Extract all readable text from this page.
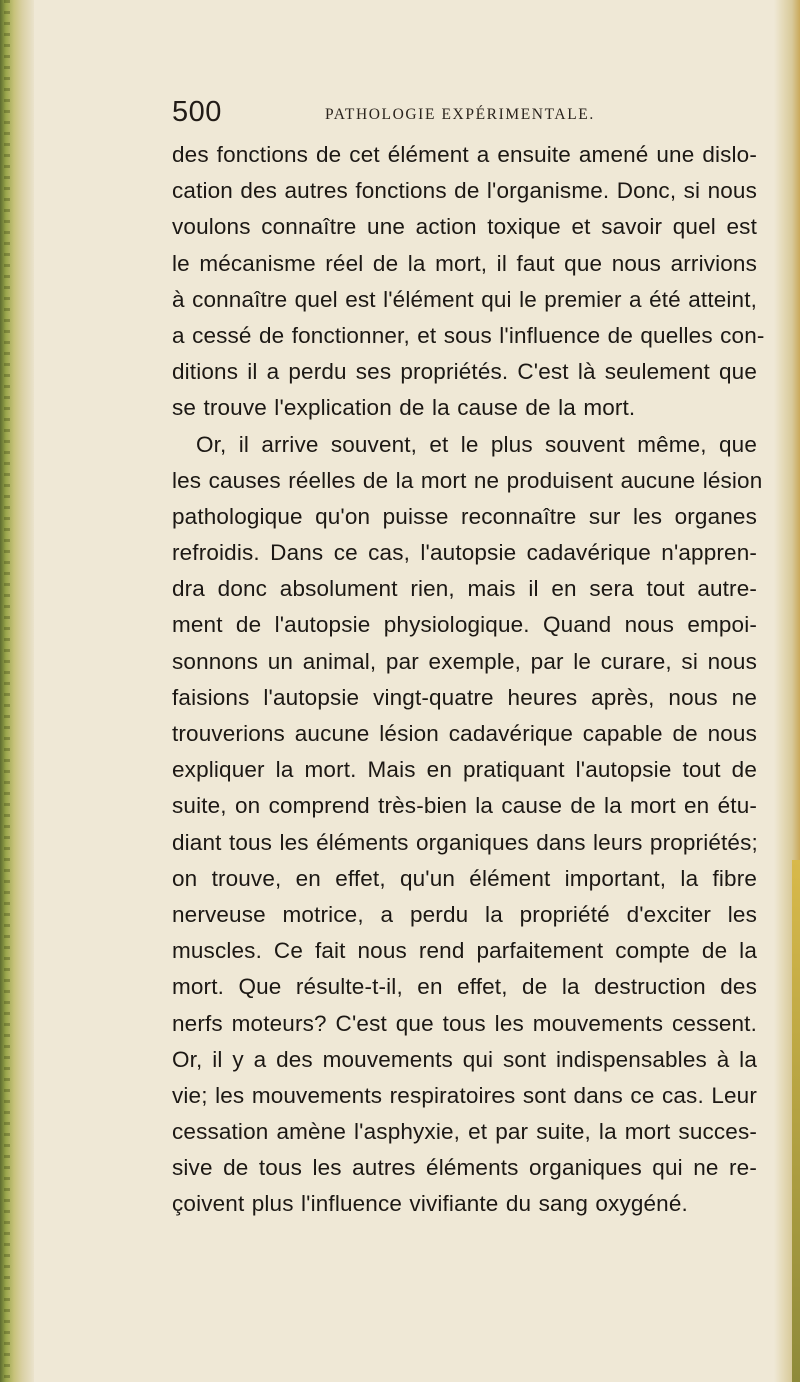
500	PATHOLOGIE EXPÉRIMENTALE.
des fonctions de cet élément a ensuite amené une dislo-
cation des autres fonctions de l'organisme. Donc, si nous
voulons connaître une action toxique et savoir quel est
le mécanisme réel de la mort, il faut que nous arrivions
à connaître quel est l'élément qui le premier a été atteint,
a cessé de fonctionner, et sous l'influence de quelles con-
ditions il a perdu ses propriétés. C'est là seulement que
se trouve l'explication de la cause de la mort.
Or, il arrive souvent, et le plus souvent même, que
les causes réelles de la mort ne produisent aucune lésion
pathologique qu'on puisse reconnaître sur les organes
refroidis. Dans ce cas, l'autopsie cadavérique n'appren-
dra donc absolument rien, mais il en sera tout autre-
ment de l'autopsie physiologique. Quand nous empoi-
sonnons un animal, par exemple, par le curare, si nous
faisions l'autopsie vingt-quatre heures après, nous ne
trouverions aucune lésion cadavérique capable de nous
expliquer la mort. Mais en pratiquant l'autopsie tout de
suite, on comprend très-bien la cause de la mort en étu-
diant tous les éléments organiques dans leurs propriétés;
on trouve, en effet, qu'un élément important, la fibre
nerveuse motrice, a perdu la propriété d'exciter les
muscles. Ce fait nous rend parfaitement compte de la
mort. Que résulte-t-il, en effet, de la destruction des
nerfs moteurs? C'est que tous les mouvements cessent.
Or, il y a des mouvements qui sont indispensables à la
vie; les mouvements respiratoires sont dans ce cas. Leur
cessation amène l'asphyxie, et par suite, la mort succes-
sive de tous les autres éléments organiques qui ne re-
çoivent plus l'influence vivifiante du sang oxygéné.
